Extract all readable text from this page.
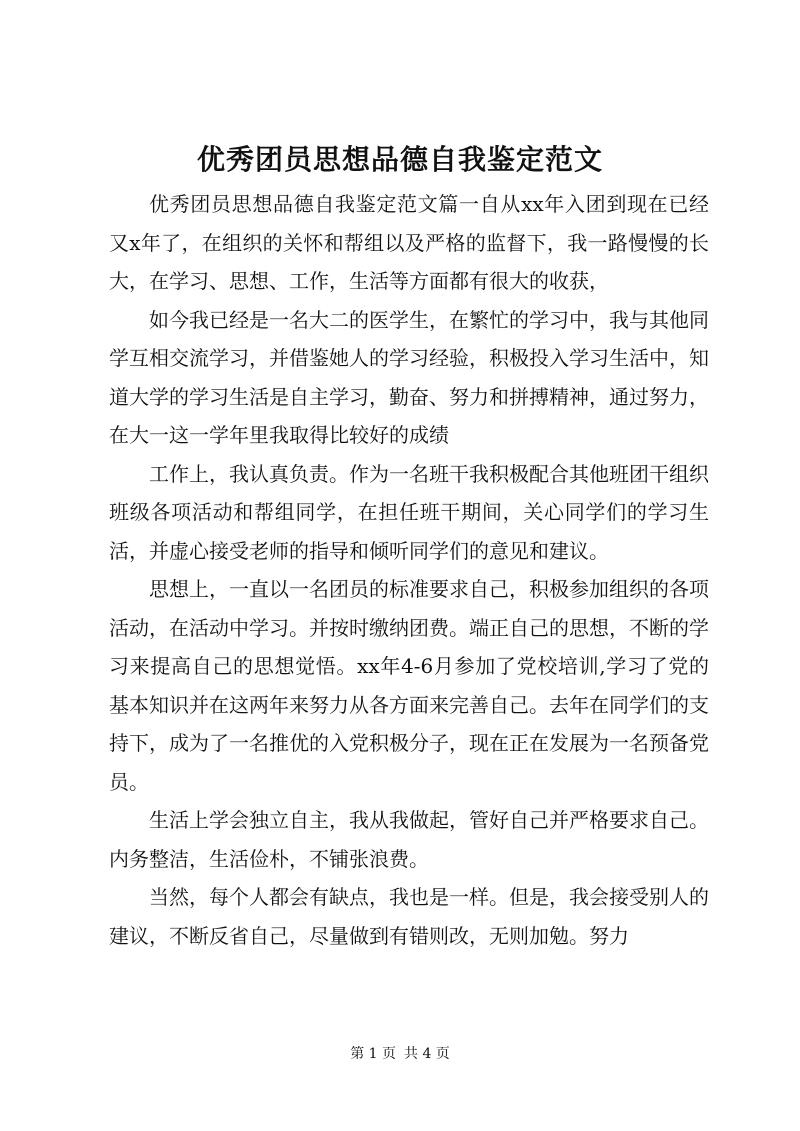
优秀团员思想品德自我鉴定范文

优秀团员思想品德自我鉴定范文篇一自从xx年入团到现在已经又x年了，在组织的关怀和帮组以及严格的监督下，我一路慢慢的长大，在学习、思想、工作，生活等方面都有很大的收获，

如今我已经是一名大二的医学生，在繁忙的学习中，我与其他同学互相交流学习，并借鉴她人的学习经验，积极投入学习生活中，知道大学的学习生活是自主学习，勤奋、努力和拼搏精神，通过努力，在大一这一学年里我取得比较好的成绩

工作上，我认真负责。作为一名班干我积极配合其他班团干组织班级各项活动和帮组同学，在担任班干期间，关心同学们的学习生活，并虚心接受老师的指导和倾听同学们的意见和建议。

思想上，一直以一名团员的标准要求自己，积极参加组织的各项活动，在活动中学习。并按时缴纳团费。端正自己的思想，不断的学习来提高自己的思想觉悟。xx年4-6月参加了党校培训,学习了党的基本知识并在这两年来努力从各方面来完善自己。去年在同学们的支持下，成为了一名推优的入党积极分子，现在正在发展为一名预备党员。

生活上学会独立自主，我从我做起，管好自己并严格要求自己。内务整洁，生活俭朴，不铺张浪费。

当然，每个人都会有缺点，我也是一样。但是，我会接受别人的建议，不断反省自己，尽量做到有错则改，无则加勉。努力

第 1 页 共 4 页
